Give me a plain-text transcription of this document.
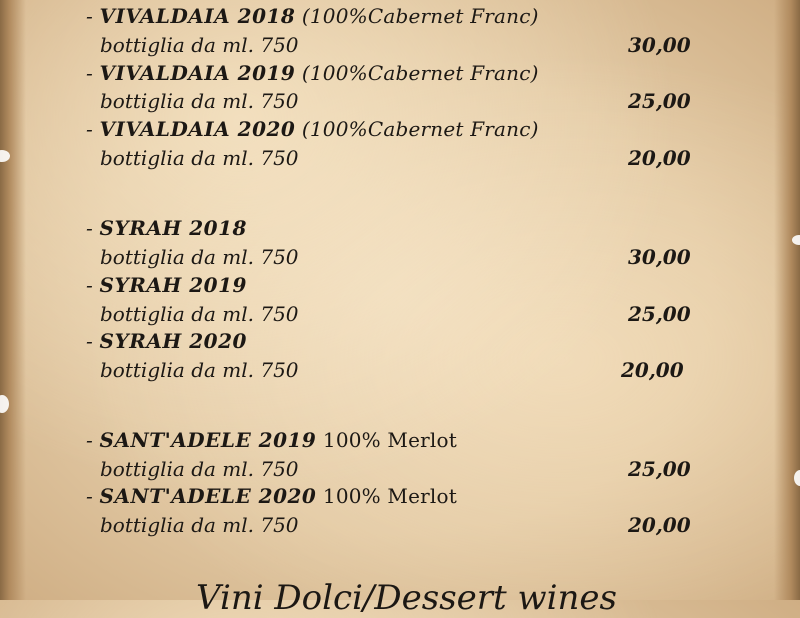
- VIVALDAIA 2018 (100%Cabernet Franc)
bottiglia da ml. 750	30,00
- VIVALDAIA 2019 (100%Cabernet Franc)
bottiglia da ml. 750	25,00
- VIVALDAIA 2020 (100%Cabernet Franc)
bottiglia da ml. 750	20,00
- SYRAH 2018
bottiglia da ml. 750	30,00
- SYRAH 2019
bottiglia da ml. 750	25,00
- SYRAH 2020
bottiglia da ml. 750	20,00
- SANT'ADELE 2019 100% Merlot
bottiglia da ml. 750	25,00
- SANT'ADELE 2020 100% Merlot
bottiglia da ml. 750	20,00
Vini Dolci/Dessert wines
